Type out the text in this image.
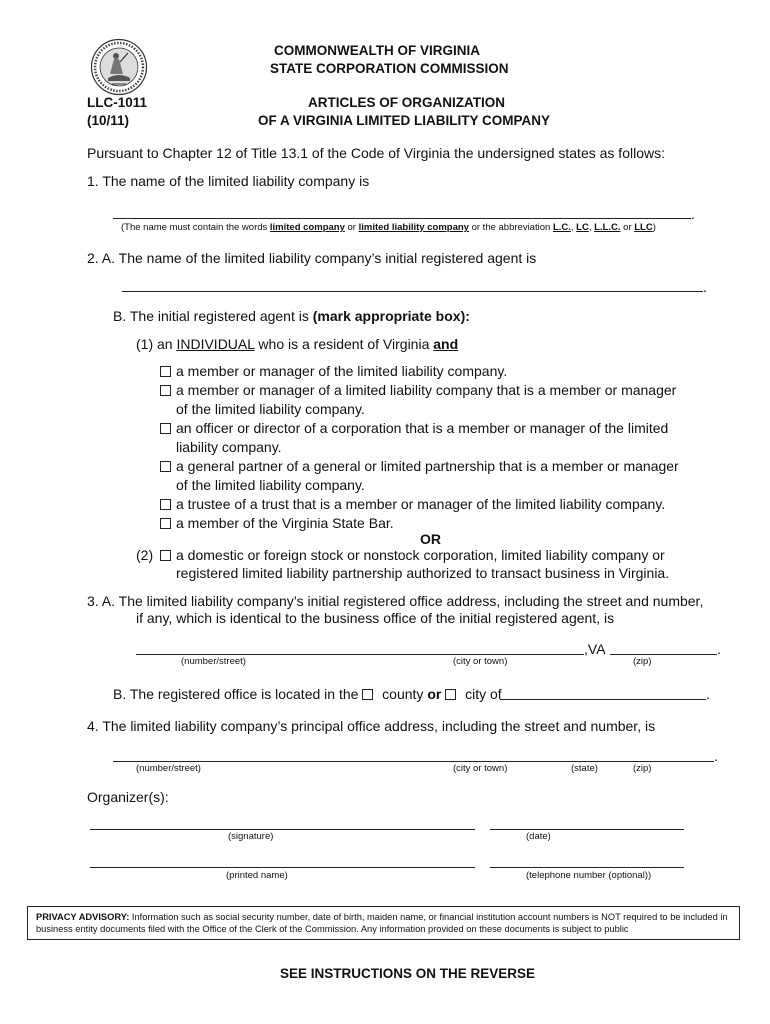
COMMONWEALTH OF VIRGINIA
STATE CORPORATION COMMISSION
LLC-1011
(10/11)
ARTICLES OF ORGANIZATION
OF A VIRGINIA LIMITED LIABILITY COMPANY
Pursuant to Chapter 12 of Title 13.1 of the Code of Virginia the undersigned states as follows:
1. The name of the limited liability company is
.
(The name must contain the words limited company or limited liability company or the abbreviation L.C., LC, L.L.C. or LLC)
2. A. The name of the limited liability company’s initial registered agent is
.
B. The initial registered agent is (mark appropriate box):
(1) an INDIVIDUAL who is a resident of Virginia and
a member or manager of the limited liability company.
a member or manager of a limited liability company that is a member or manager
of the limited liability company.
an officer or director of a corporation that is a member or manager of the limited
liability company.
a general partner of a general or limited partnership that is a member or manager
of the limited liability company.
a trustee of a trust that is a member or manager of the limited liability company.
a member of the Virginia State Bar.
OR
(2)	a domestic or foreign stock or nonstock corporation, limited liability company or
registered limited liability partnership authorized to transact business in Virginia.
3. A. The limited liability company’s initial registered office address, including the street and number,
if any, which is identical to the business office of the initial registered agent, is
,VA	.
(number/street)	(city or town)	(zip)
B. The registered office is located in the  county or  city of	.
4. The limited liability company’s principal office address, including the street and number, is
.
(number/street)	(city or town)	(state)	(zip)
Organizer(s):
(signature)	(date)
(printed name)	(telephone number (optional))
PRIVACY ADVISORY: Information such as social security number, date of birth, maiden name, or financial institution account numbers is NOT required to be included in business entity documents filed with the Office of the Clerk of the Commission. Any information provided on these documents is subject to public
SEE INSTRUCTIONS ON THE REVERSE
